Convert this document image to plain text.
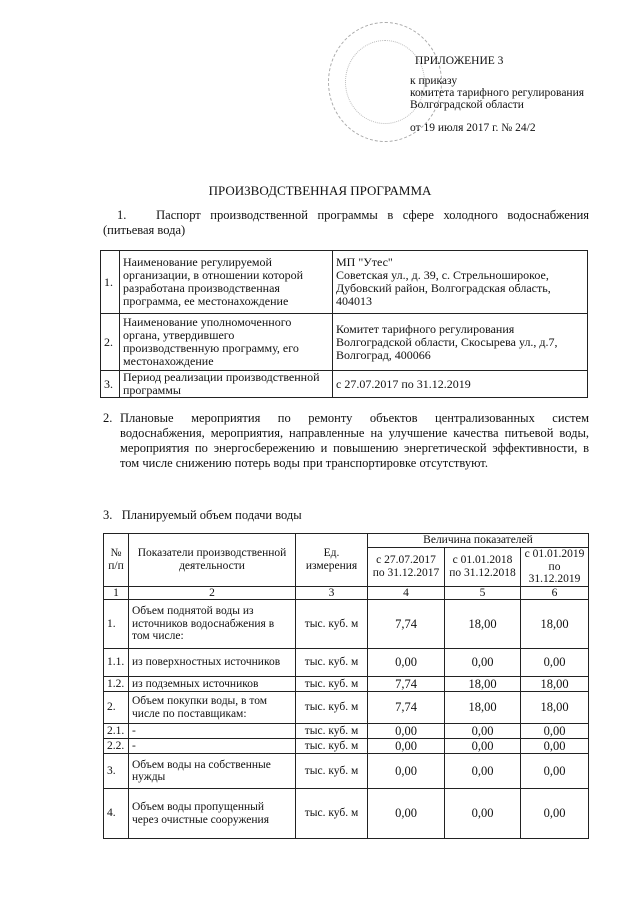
ПРИЛОЖЕНИЕ 3
к приказу
комитета тарифного регулирования
Волгоградской области
от 19 июля 2017 г. № 24/2
ПРОИЗВОДСТВЕННАЯ ПРОГРАММА
1. Паспорт производственной программы в сфере холодного водоснабжения (питьевая вода)
1.	Наименование регулируемой организации, в отношении которой разработана производственная программа, ее местонахождение	МП "Утес"
Советская ул., д. 39, с. Стрельноширокое, Дубовский район, Волгоградская область, 404013

2.	Наименование уполномоченного органа, утвердившего производственную программу, его местонахождение	Комитет тарифного регулирования Волгоградской области, Скосырева ул., д.7, Волгоград, 400066
3.	Период реализации производственной программы	с 27.07.2017 по 31.12.2019
2. Плановые мероприятия по ремонту объектов централизованных систем водоснабжения, мероприятия, направленные на улучшение качества питьевой воды, мероприятия по энергосбережению и повышению энергетической эффективности, в том числе снижению потерь воды при транспортировке отсутствуют.
3. Планируемый объем подачи воды
№ п/п	Показатели производственной деятельности	Ед. измерения	Величина показателей		
			с 27.07.2017 по 31.12.2017	с 01.01.2018 по 31.12.2018	с 01.01.2019 по 31.12.2019
1	2	3	4	5	6
1.	Объем поднятой воды из источников водоснабжения в том числе:	тыс. куб. м	7,74	18,00	18,00
1.1.	из поверхностных источников	тыс. куб. м	0,00	0,00	0,00
1.2.	из подземных источников	тыс. куб. м	7,74	18,00	18,00
2.	Объем покупки воды, в том числе по поставщикам:	тыс. куб. м	7,74	18,00	18,00
2.1.	-	тыс. куб. м	0,00	0,00	0,00
2.2.	-	тыс. куб. м	0,00	0,00	0,00
3.	Объем воды на собственные нужды	тыс. куб. м	0,00	0,00	0,00
4.	Объем воды пропущенный через очистные сооружения	тыс. куб. м	0,00	0,00	0,00
